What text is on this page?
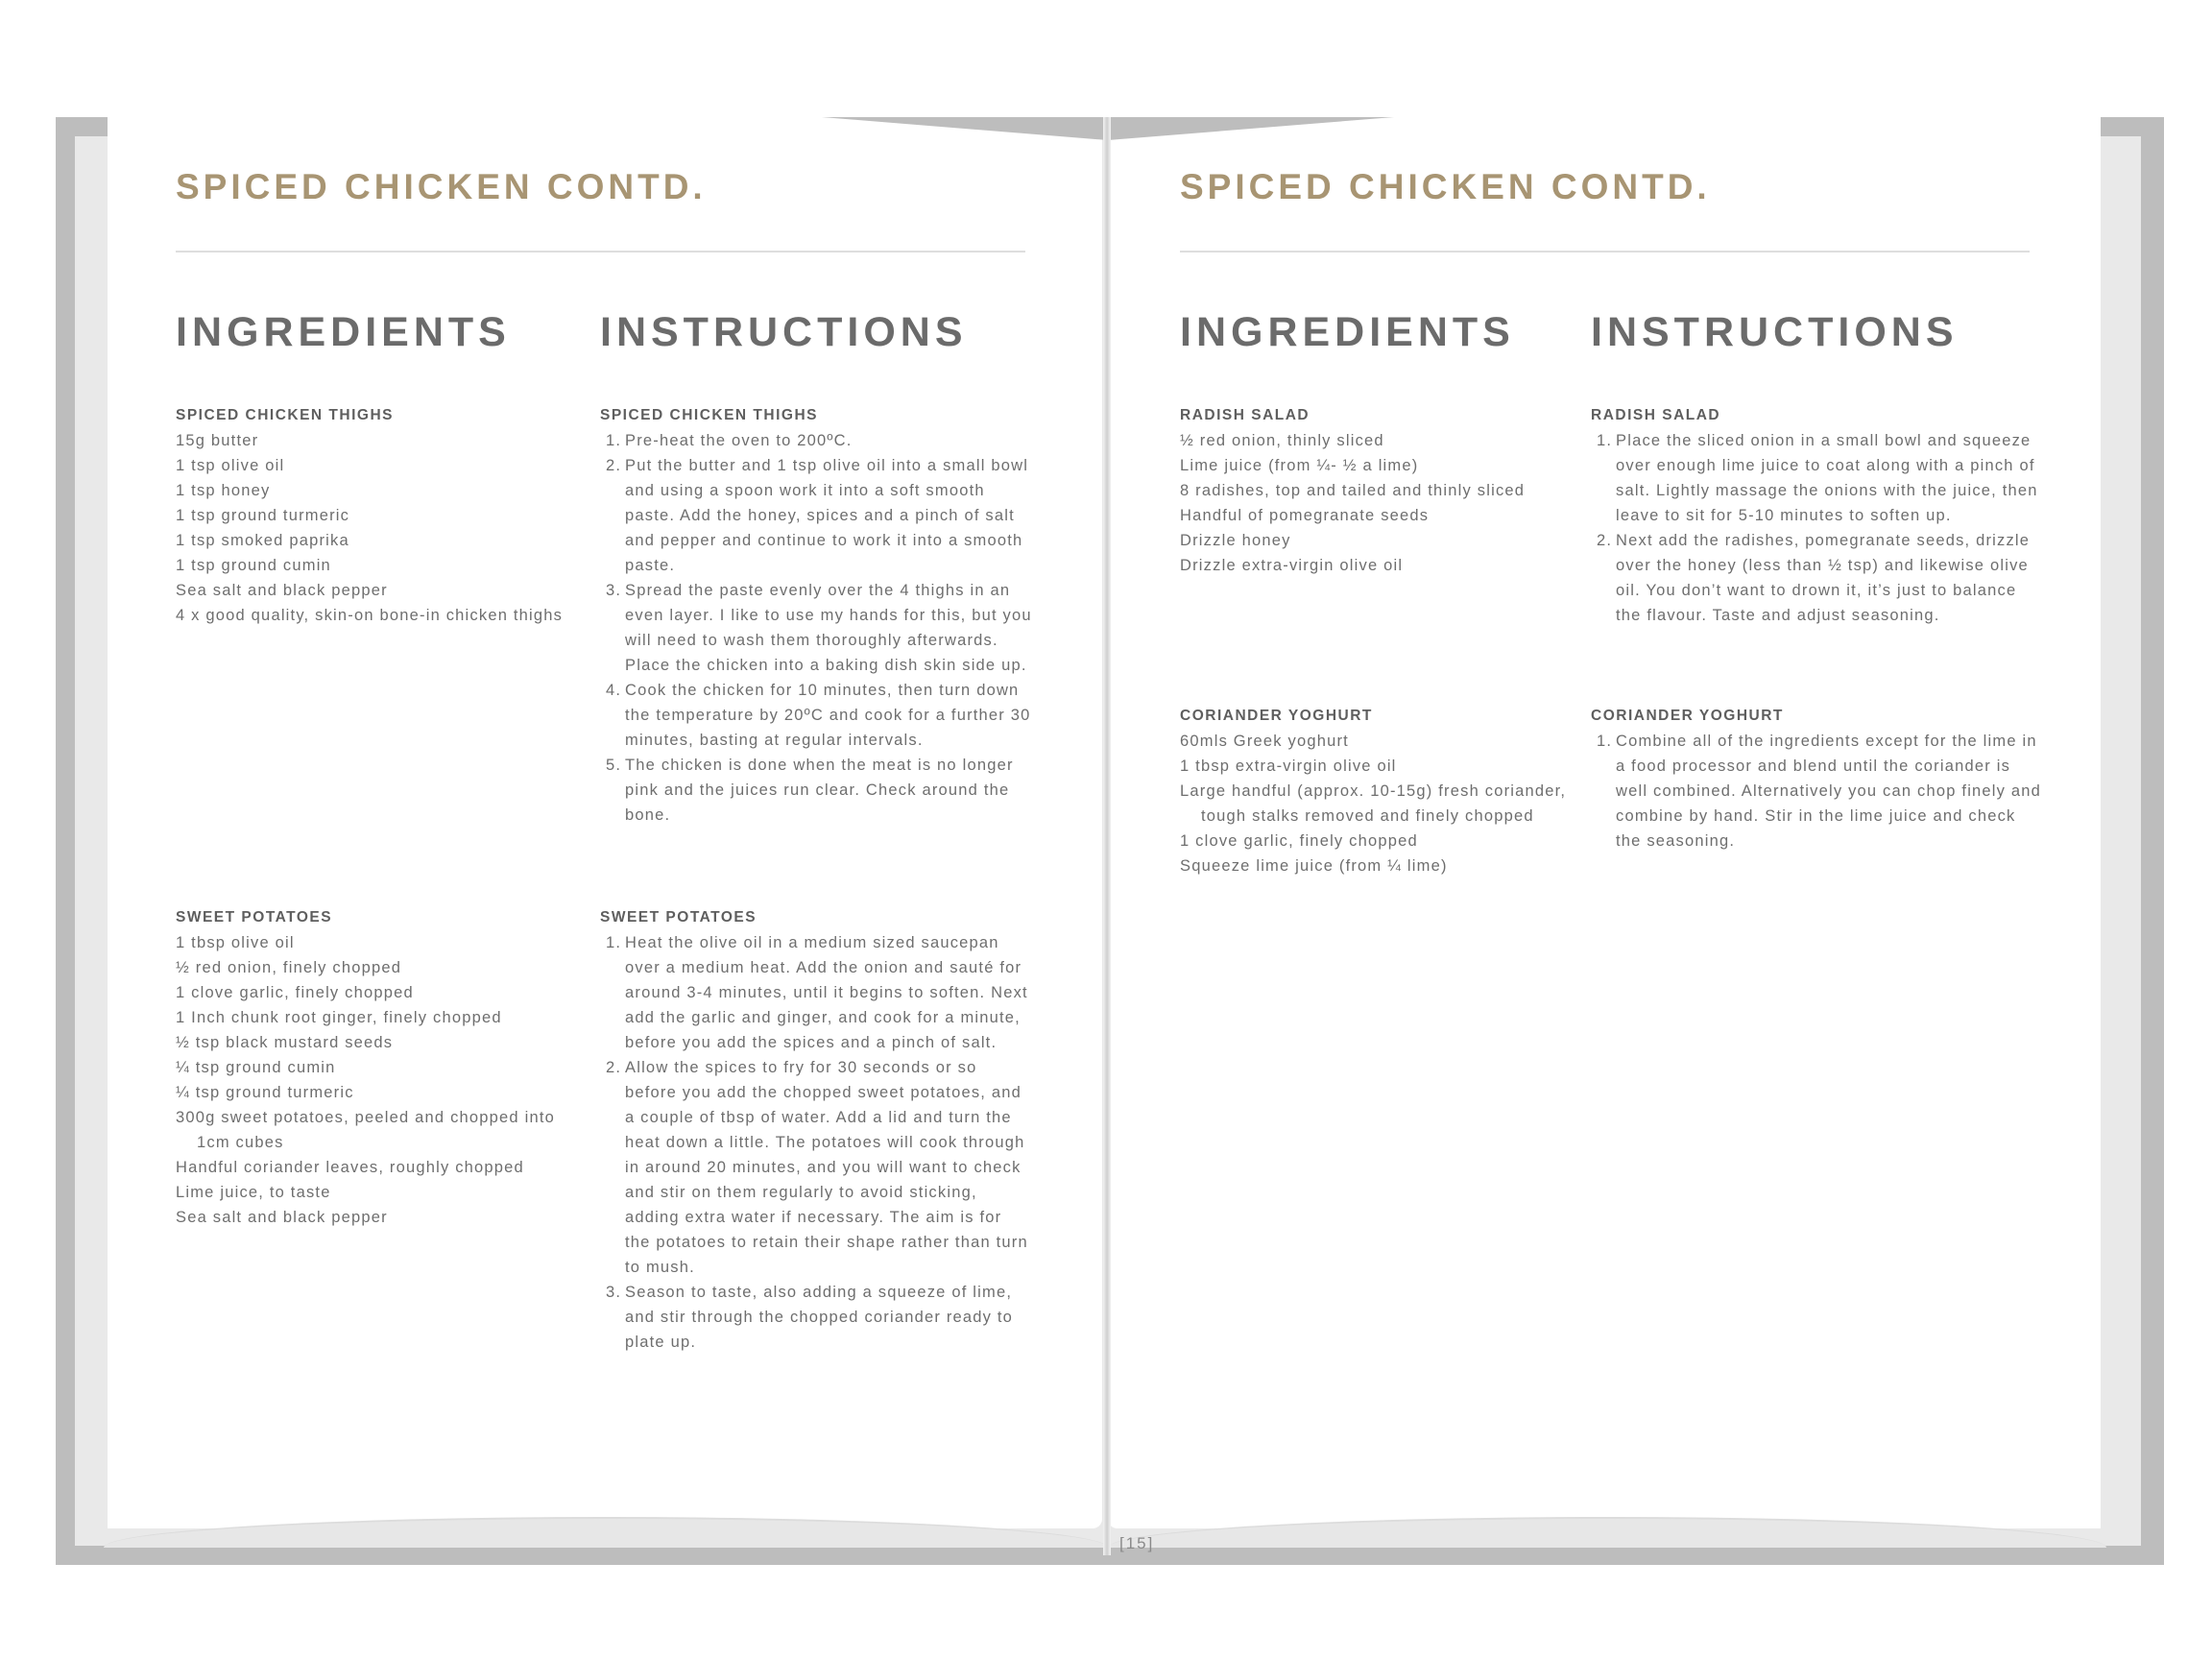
SPICED CHICKEN CONTD.
INGREDIENTS INSTRUCTIONS
SPICED CHICKEN THIGHS
15g butter
1 tsp olive oil
1 tsp honey
1 tsp ground turmeric
1 tsp smoked paprika
1 tsp ground cumin
Sea salt and black pepper
4 x good quality, skin-on bone-in chicken thighs
SWEET POTATOES
1 tbsp olive oil
½ red onion, finely chopped
1 clove garlic, finely chopped
1 Inch chunk root ginger, finely chopped
½ tsp black mustard seeds
¼ tsp ground cumin
¼ tsp ground turmeric
300g sweet potatoes, peeled and chopped into 1cm cubes
Handful coriander leaves, roughly chopped
Lime juice, to taste
Sea salt and black pepper
SPICED CHICKEN THIGHS
1. Pre-heat the oven to 200ºC.
2. Put the butter and 1 tsp olive oil into a small bowl and using a spoon work it into a soft smooth paste. Add the honey, spices and a pinch of salt and pepper and continue to work it into a smooth paste.
3. Spread the paste evenly over the 4 thighs in an even layer. I like to use my hands for this, but you will need to wash them thoroughly afterwards. Place the chicken into a baking dish skin side up.
4. Cook the chicken for 10 minutes, then turn down the temperature by 20ºC and cook for a further 30 minutes, basting at regular intervals.
5. The chicken is done when the meat is no longer pink and the juices run clear. Check around the bone.
SWEET POTATOES
1. Heat the olive oil in a medium sized saucepan over a medium heat. Add the onion and sauté for around 3-4 minutes, until it begins to soften. Next add the garlic and ginger, and cook for a minute, before you add the spices and a pinch of salt.
2. Allow the spices to fry for 30 seconds or so before you add the chopped sweet potatoes, and a couple of tbsp of water. Add a lid and turn the heat down a little. The potatoes will cook through in around 20 minutes, and you will want to check and stir on them regularly to avoid sticking, adding extra water if necessary. The aim is for the potatoes to retain their shape rather than turn to mush.
3. Season to taste, also adding a squeeze of lime, and stir through the chopped coriander ready to plate up.
SPICED CHICKEN CONTD.
INGREDIENTS INSTRUCTIONS
RADISH SALAD
½ red onion, thinly sliced
Lime juice (from ¼- ½ a lime)
8 radishes, top and tailed and thinly sliced
Handful of pomegranate seeds
Drizzle honey
Drizzle extra-virgin olive oil
CORIANDER YOGHURT
60mls Greek yoghurt
1 tbsp extra-virgin olive oil
Large handful (approx. 10-15g) fresh coriander, tough stalks removed and finely chopped
1 clove garlic, finely chopped
Squeeze lime juice (from ¼ lime)
RADISH SALAD
1. Place the sliced onion in a small bowl and squeeze over enough lime juice to coat along with a pinch of salt. Lightly massage the onions with the juice, then leave to sit for 5-10 minutes to soften up.
2. Next add the radishes, pomegranate seeds, drizzle over the honey (less than ½ tsp) and likewise olive oil. You don’t want to drown it, it’s just to balance the flavour. Taste and adjust seasoning.
CORIANDER YOGHURT
1. Combine all of the ingredients except for the lime in a food processor and blend until the coriander is well combined. Alternatively you can chop finely and combine by hand. Stir in the lime juice and check the seasoning.
[15]
